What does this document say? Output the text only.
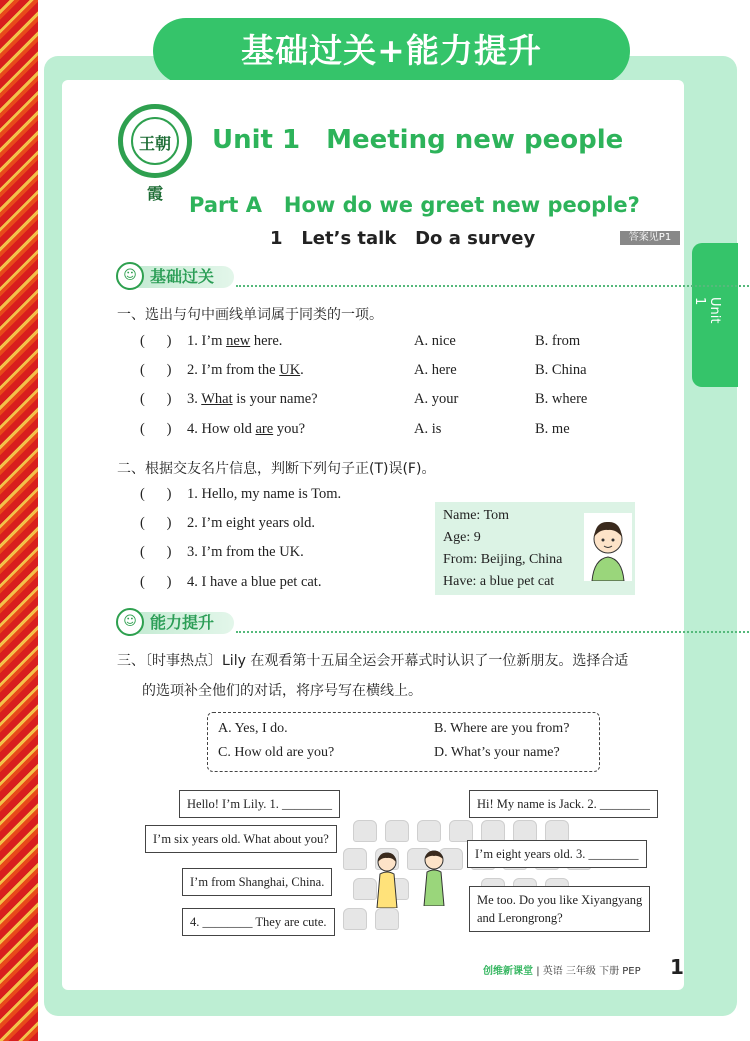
基础过关+能力提升
王朝霞
Unit 1 Meeting new people
Part A   How do we greet new people?
1   Let’s talk   Do a survey	答案见P1
Unit 1
☺ 基础过关
一、选出与句中画线单词属于同类的一项。
(      ) 1. I’m new here.	A. nice	B. from
(      ) 2. I’m from the UK.	A. here	B. China
(      ) 3. What is your name?	A. your	B. where
(      ) 4. How old are you?	A. is	B. me
二、根据交友名片信息，判断下列句子正(T)误(F)。
(      ) 1. Hello, my name is Tom.
(      ) 2. I’m eight years old.
(      ) 3. I’m from the UK.
(      ) 4. I have a blue pet cat.
Name: Tom
Age: 9
From: Beijing, China
Have: a blue pet cat
☺ 能力提升
三、〔时事热点〕Lily 在观看第十五届全运会开幕式时认识了一位新朋友。选择合适
的选项补全他们的对话，将序号写在横线上。
A. Yes, I do.	B. Where are you from?
C. How old are you?	D. What’s your name?
Hello! I’m Lily. 1. ________
I’m six years old. What about you?
I’m from Shanghai, China.
4. ________ They are cute.
Hi! My name is Jack. 2. ________
I’m eight years old. 3. ________
Me too. Do you like Xiyangyang
and Lerongrong?
创维新课堂 | 英语 三年级 下册 PEP 1
